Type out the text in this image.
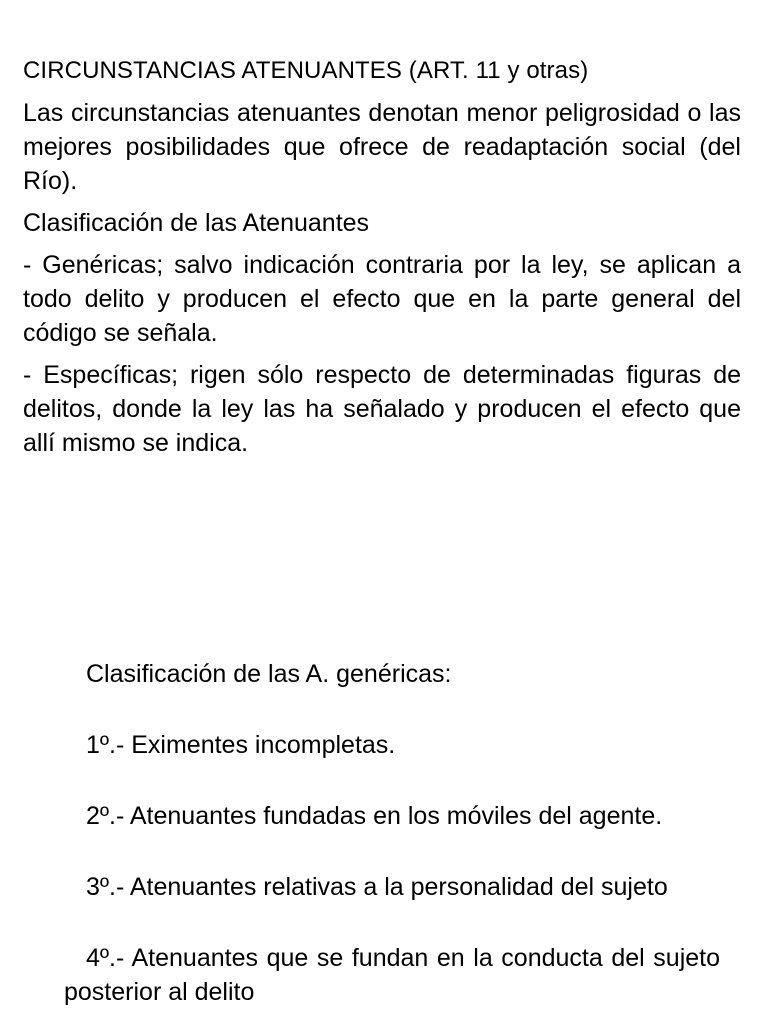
CIRCUNSTANCIAS ATENUANTES (ART. 11 y otras)

Las circunstancias atenuantes denotan menor peligrosidad o las mejores posibilidades que ofrece de readaptación social (del Río).

Clasificación de las Atenuantes

- Genéricas; salvo indicación contraria por la ley, se aplican a todo delito y producen el efecto que en la parte general del código se señala.

- Específicas; rigen sólo respecto de determinadas figuras de delitos, donde la ley las ha señalado y producen el efecto que allí mismo se indica.

Clasificación de las A. genéricas:

1º.- Eximentes incompletas.

2º.- Atenuantes fundadas en los móviles del agente.

3º.- Atenuantes relativas a la personalidad del sujeto

4º.- Atenuantes que se fundan en la conducta del sujeto posterior al delito
